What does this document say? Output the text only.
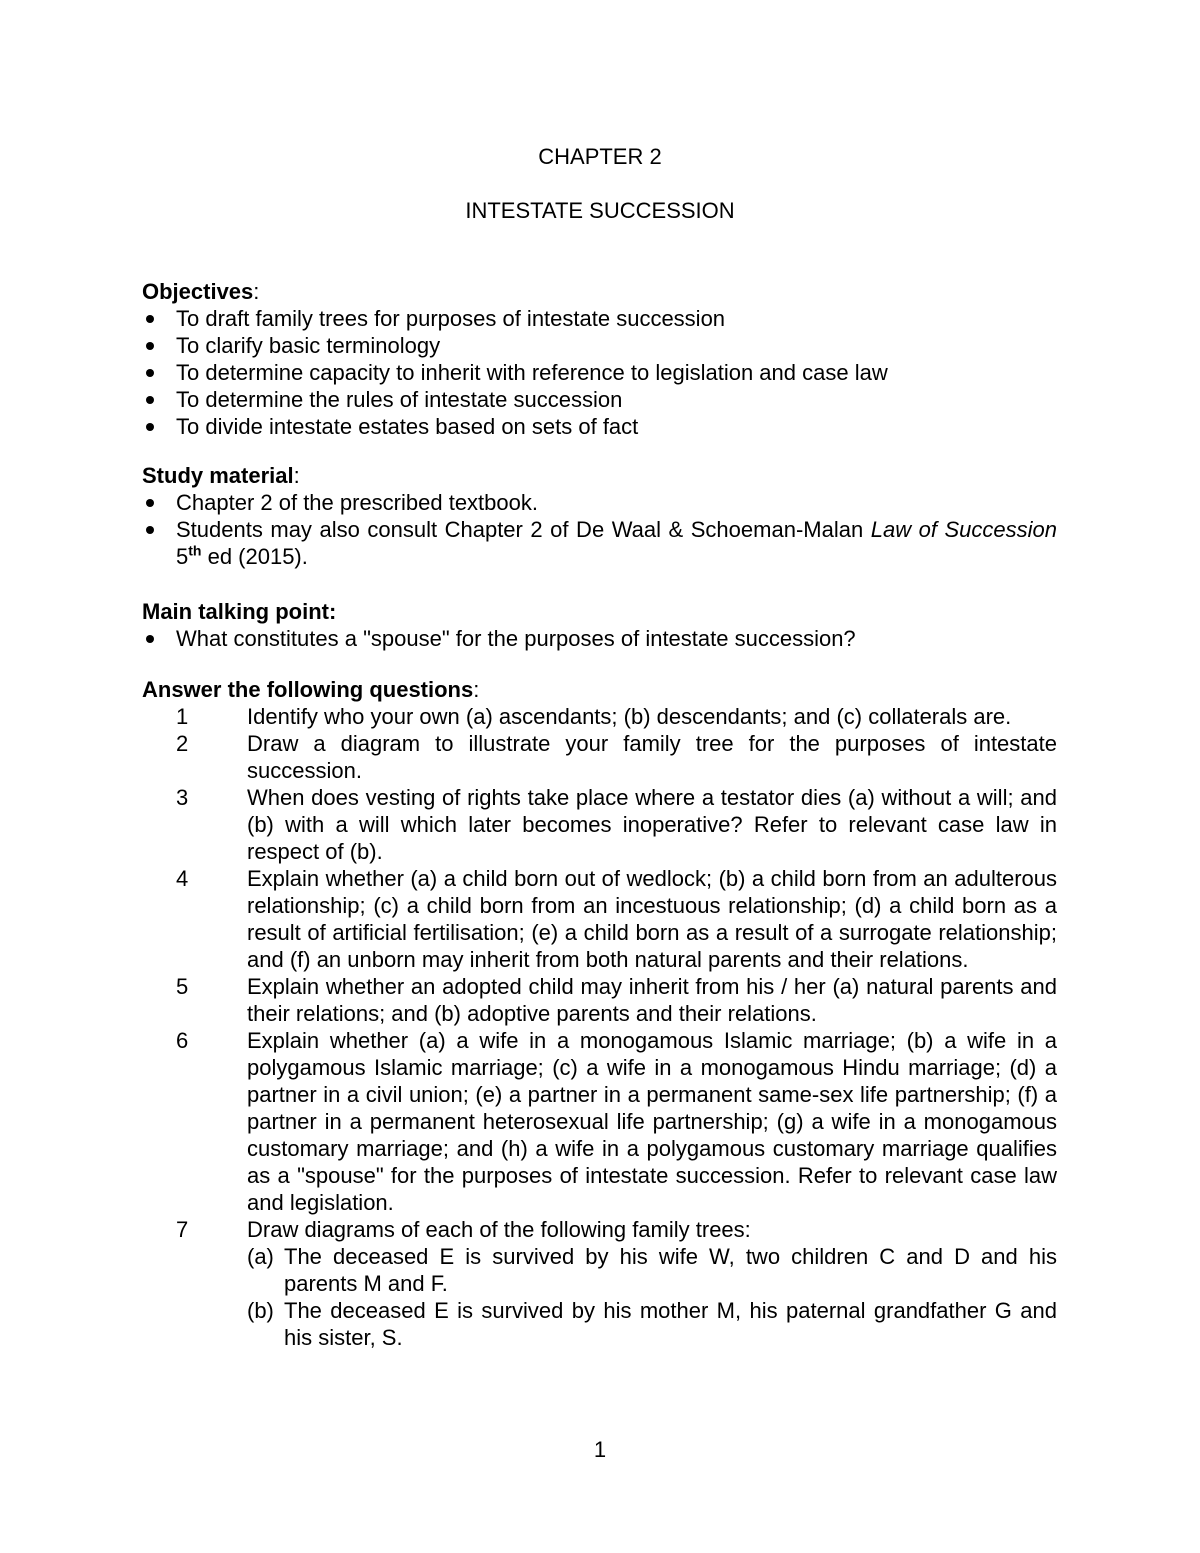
CHAPTER 2
INTESTATE SUCCESSION
Objectives:
To draft family trees for purposes of intestate succession
To clarify basic terminology
To determine capacity to inherit with reference to legislation and case law
To determine the rules of intestate succession
To divide intestate estates based on sets of fact
Study material:
Chapter 2 of the prescribed textbook.
Students may also consult Chapter 2 of De Waal & Schoeman-Malan Law of Succession 5th ed (2015).
Main talking point:
What constitutes a "spouse" for the purposes of intestate succession?
Answer the following questions:
1	Identify who your own (a) ascendants; (b) descendants; and (c) collaterals are.
2	Draw a diagram to illustrate your family tree for the purposes of intestate succession.
3	When does vesting of rights take place where a testator dies (a) without a will; and (b) with a will which later becomes inoperative? Refer to relevant case law in respect of (b).
4	Explain whether (a) a child born out of wedlock; (b) a child born from an adulterous relationship; (c) a child born from an incestuous relationship; (d) a child born as a result of artificial fertilisation; (e) a child born as a result of a surrogate relationship; and (f) an unborn may inherit from both natural parents and their relations.
5	Explain whether an adopted child may inherit from his / her (a) natural parents and their relations; and (b) adoptive parents and their relations.
6	Explain whether (a) a wife in a monogamous Islamic marriage; (b) a wife in a polygamous Islamic marriage; (c) a wife in a monogamous Hindu marriage; (d) a partner in a civil union; (e) a partner in a permanent same-sex life partnership; (f) a partner in a permanent heterosexual life partnership; (g) a wife in a monogamous customary marriage; and (h) a wife in a polygamous customary marriage qualifies as a "spouse" for the purposes of intestate succession. Refer to relevant case law and legislation.
7	Draw diagrams of each of the following family trees:
(a) The deceased E is survived by his wife W, two children C and D and his parents M and F.
(b) The deceased E is survived by his mother M, his paternal grandfather G and his sister, S.
1
